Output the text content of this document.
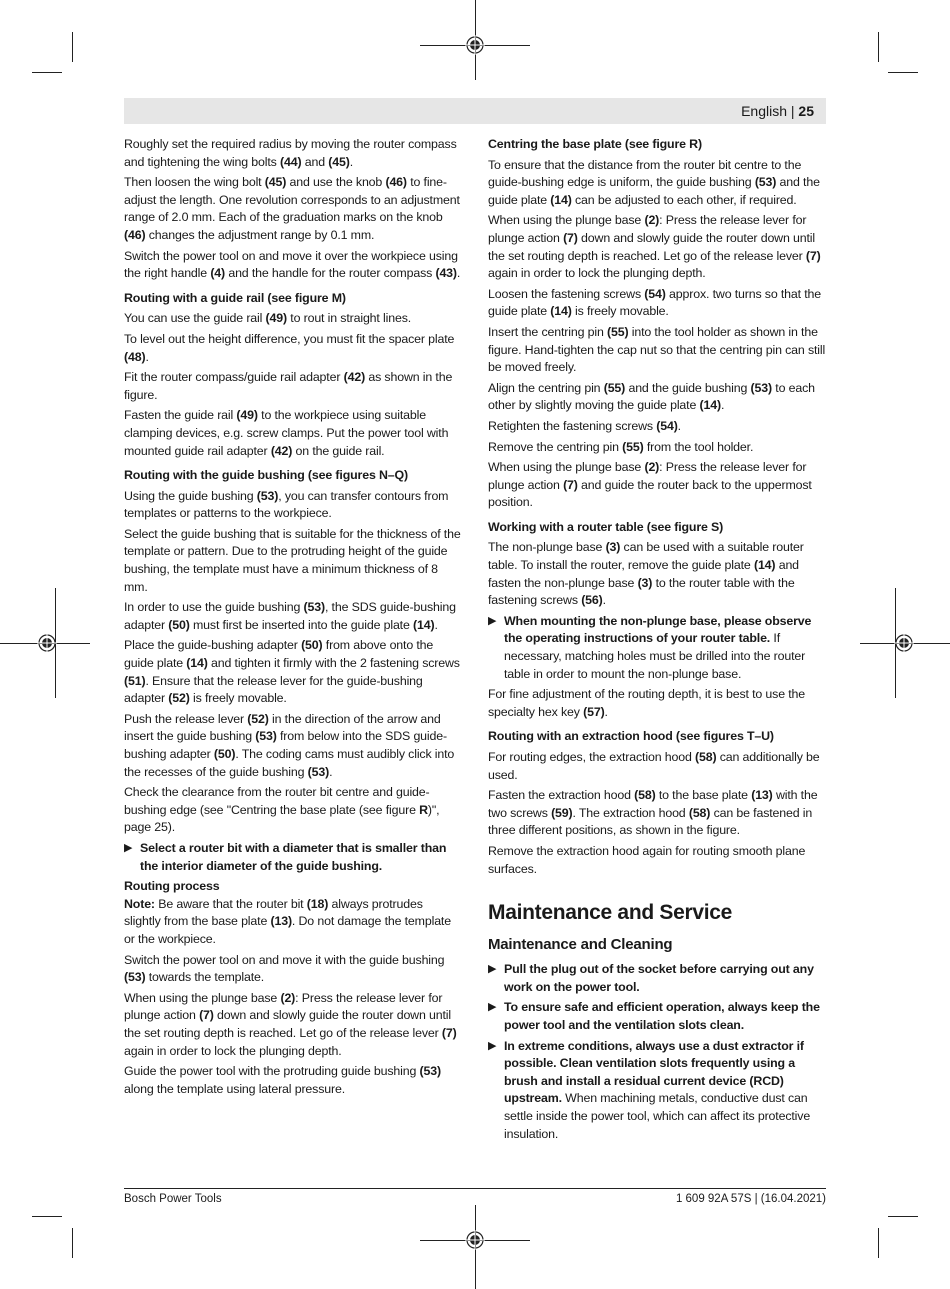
English | 25

Roughly set the required radius by moving the router compass and tightening the wing bolts (44) and (45).

Then loosen the wing bolt (45) and use the knob (46) to fine-adjust the length. One revolution corresponds to an adjustment range of 2.0 mm. Each of the graduation marks on the knob (46) changes the adjustment range by 0.1 mm.

Switch the power tool on and move it over the workpiece using the right handle (4) and the handle for the router compass (43).

Routing with a guide rail (see figure M)

You can use the guide rail (49) to rout in straight lines.

To level out the height difference, you must fit the spacer plate (48).

Fit the router compass/guide rail adapter (42) as shown in the figure.

Fasten the guide rail (49) to the workpiece using suitable clamping devices, e.g. screw clamps. Put the power tool with mounted guide rail adapter (42) on the guide rail.

Routing with the guide bushing (see figures N–Q)

Using the guide bushing (53), you can transfer contours from templates or patterns to the workpiece.

Select the guide bushing that is suitable for the thickness of the template or pattern. Due to the protruding height of the guide bushing, the template must have a minimum thickness of 8 mm.

In order to use the guide bushing (53), the SDS guide-bushing adapter (50) must first be inserted into the guide plate (14).

Place the guide-bushing adapter (50) from above onto the guide plate (14) and tighten it firmly with the 2 fastening screws (51). Ensure that the release lever for the guide-bushing adapter (52) is freely movable.

Push the release lever (52) in the direction of the arrow and insert the guide bushing (53) from below into the SDS guide-bushing adapter (50). The coding cams must audibly click into the recesses of the guide bushing (53).

Check the clearance from the router bit centre and guide-bushing edge (see "Centring the base plate (see figure R)", page 25).

▶ Select a router bit with a diameter that is smaller than the interior diameter of the guide bushing.

Routing process

Note: Be aware that the router bit (18) always protrudes slightly from the base plate (13). Do not damage the template or the workpiece.

Switch the power tool on and move it with the guide bushing (53) towards the template.

When using the plunge base (2): Press the release lever for plunge action (7) down and slowly guide the router down until the set routing depth is reached. Let go of the release lever (7) again in order to lock the plunging depth.

Guide the power tool with the protruding guide bushing (53) along the template using lateral pressure.

Centring the base plate (see figure R)

To ensure that the distance from the router bit centre to the guide-bushing edge is uniform, the guide bushing (53) and the guide plate (14) can be adjusted to each other, if required.

When using the plunge base (2): Press the release lever for plunge action (7) down and slowly guide the router down until the set routing depth is reached. Let go of the release lever (7) again in order to lock the plunging depth.

Loosen the fastening screws (54) approx. two turns so that the guide plate (14) is freely movable.

Insert the centring pin (55) into the tool holder as shown in the figure. Hand-tighten the cap nut so that the centring pin can still be moved freely.

Align the centring pin (55) and the guide bushing (53) to each other by slightly moving the guide plate (14).

Retighten the fastening screws (54).

Remove the centring pin (55) from the tool holder.

When using the plunge base (2): Press the release lever for plunge action (7) and guide the router back to the uppermost position.

Working with a router table (see figure S)

The non-plunge base (3) can be used with a suitable router table. To install the router, remove the guide plate (14) and fasten the non-plunge base (3) to the router table with the fastening screws (56).

▶ When mounting the non-plunge base, please observe the operating instructions of your router table. If necessary, matching holes must be drilled into the router table in order to mount the non-plunge base.

For fine adjustment of the routing depth, it is best to use the specialty hex key (57).

Routing with an extraction hood (see figures T–U)

For routing edges, the extraction hood (58) can additionally be used.

Fasten the extraction hood (58) to the base plate (13) with the two screws (59). The extraction hood (58) can be fastened in three different positions, as shown in the figure.

Remove the extraction hood again for routing smooth plane surfaces.

Maintenance and Service
Maintenance and Cleaning

▶ Pull the plug out of the socket before carrying out any work on the power tool.

▶ To ensure safe and efficient operation, always keep the power tool and the ventilation slots clean.

▶ In extreme conditions, always use a dust extractor if possible. Clean ventilation slots frequently using a brush and install a residual current device (RCD) upstream. When machining metals, conductive dust can settle inside the power tool, which can affect its protective insulation.

Bosch Power Tools	1 609 92A 57S | (16.04.2021)
